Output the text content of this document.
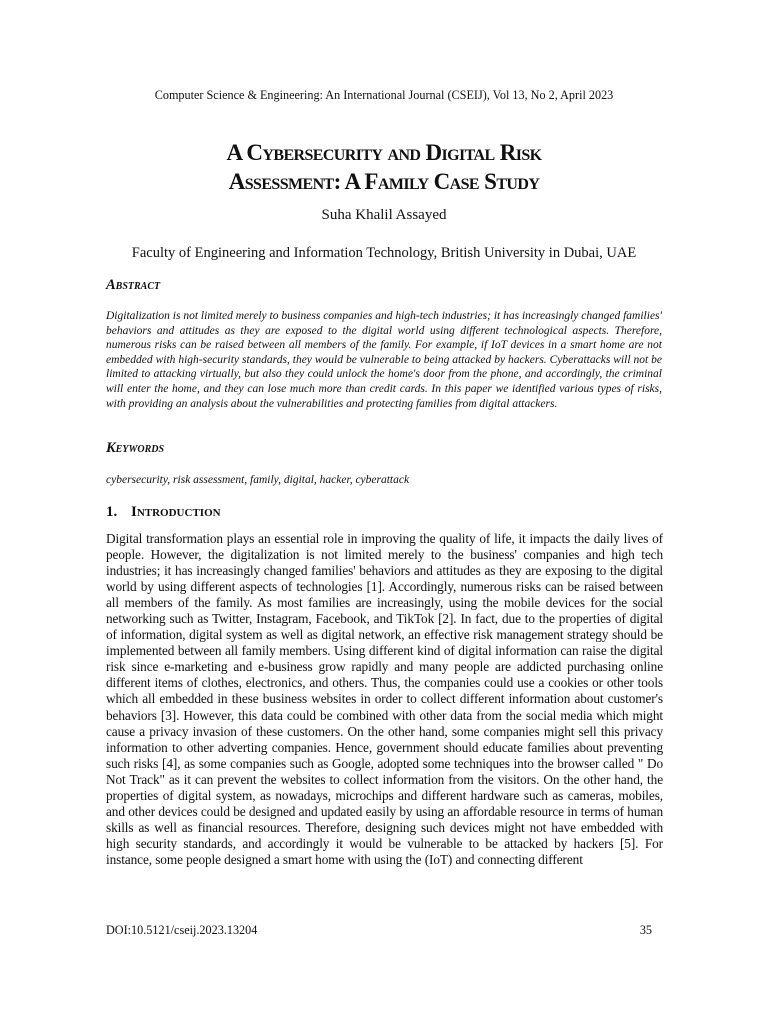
Computer Science & Engineering: An International Journal (CSEIJ), Vol 13, No 2, April 2023
A Cybersecurity and Digital Risk
Assessment: A Family Case Study
Suha Khalil Assayed
Faculty of Engineering and Information Technology, British University in Dubai, UAE
Abstract
Digitalization is not limited merely to business companies and high-tech industries; it has increasingly changed families' behaviors and attitudes as they are exposed to the digital world using different technological aspects. Therefore, numerous risks can be raised between all members of the family. For example, if IoT devices in a smart home are not embedded with high-security standards, they would be vulnerable to being attacked by hackers. Cyberattacks will not be limited to attacking virtually, but also they could unlock the home's door from the phone, and accordingly, the criminal will enter the home, and they can lose much more than credit cards. In this paper we identified various types of risks, with providing an analysis about the vulnerabilities and protecting families from digital attackers.
Keywords
cybersecurity, risk assessment, family, digital, hacker, cyberattack
1. Introduction

Digital transformation plays an essential role in improving the quality of life, it impacts the daily lives of people. However, the digitalization is not limited merely to the business' companies and high tech industries; it has increasingly changed families' behaviors and attitudes as they are exposing to the digital world by using different aspects of technologies [1]. Accordingly, numerous risks can be raised between all members of the family. As most families are increasingly, using the mobile devices for the social networking such as Twitter, Instagram, Facebook, and TikTok [2]. In fact, due to the properties of digital of information, digital system as well as digital network, an effective risk management strategy should be implemented between all family members. Using different kind of digital information can raise the digital risk since e-marketing and e-business grow rapidly and many people are addicted purchasing online different items of clothes, electronics, and others. Thus, the companies could use a cookies or other tools which all embedded in these business websites in order to collect different information about customer's behaviors [3]. However, this data could be combined with other data from the social media which might cause a privacy invasion of these customers. On the other hand, some companies might sell this privacy information to other adverting companies. Hence, government should educate families about preventing such risks [4], as some companies such as Google, adopted some techniques into the browser called " Do Not Track" as it can prevent the websites to collect information from the visitors. On the other hand, the properties of digital system, as nowadays, microchips and different hardware such as cameras, mobiles, and other devices could be designed and updated easily by using an affordable resource in terms of human skills as well as financial resources. Therefore, designing such devices might not have embedded with high security standards, and accordingly it would be vulnerable to be attacked by hackers [5]. For instance, some people designed a smart home with using the (IoT) and connecting different

DOI:10.5121/cseij.2023.13204	35
